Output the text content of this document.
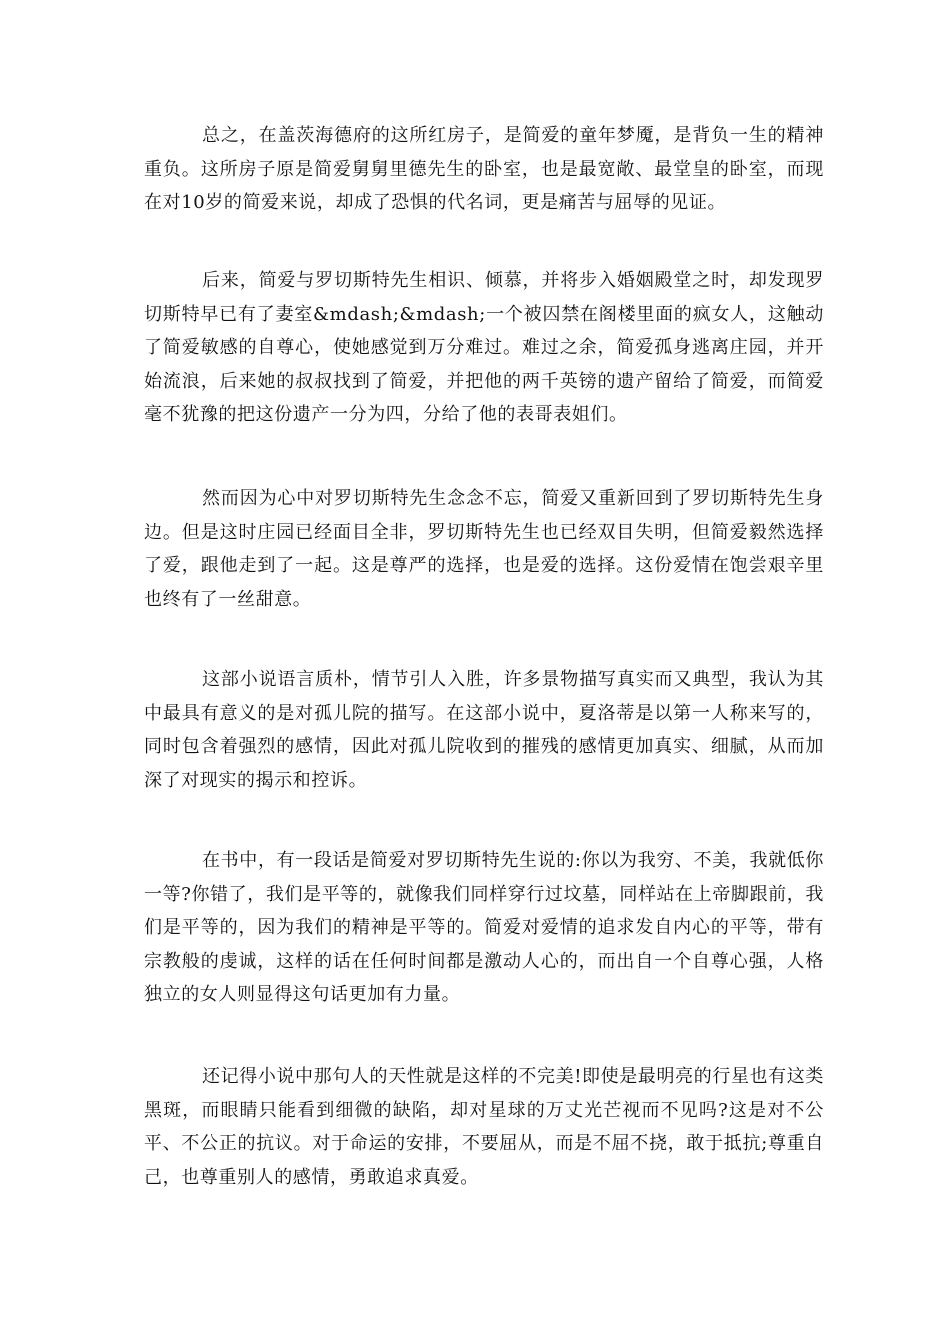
总之，在盖茨海德府的这所红房子，是简爱的童年梦魇，是背负一生的精神重负。这所房子原是简爱舅舅里德先生的卧室，也是最宽敞、最堂皇的卧室，而现在对10岁的简爱来说，却成了恐惧的代名词，更是痛苦与屈辱的见证。

后来，简爱与罗切斯特先生相识、倾慕，并将步入婚姻殿堂之时，却发现罗切斯特早已有了妻室&mdash;&mdash;一个被囚禁在阁楼里面的疯女人，这触动了简爱敏感的自尊心，使她感觉到万分难过。难过之余，简爱孤身逃离庄园，并开始流浪，后来她的叔叔找到了简爱，并把他的两千英镑的遗产留给了简爱，而简爱毫不犹豫的把这份遗产一分为四，分给了他的表哥表姐们。

然而因为心中对罗切斯特先生念念不忘，简爱又重新回到了罗切斯特先生身边。但是这时庄园已经面目全非，罗切斯特先生也已经双目失明，但简爱毅然选择了爱，跟他走到了一起。这是尊严的选择，也是爱的选择。这份爱情在饱尝艰辛里也终有了一丝甜意。

这部小说语言质朴，情节引人入胜，许多景物描写真实而又典型，我认为其中最具有意义的是对孤儿院的描写。在这部小说中，夏洛蒂是以第一人称来写的，同时包含着强烈的感情，因此对孤儿院收到的摧残的感情更加真实、细腻，从而加深了对现实的揭示和控诉。

在书中，有一段话是简爱对罗切斯特先生说的:你以为我穷、不美，我就低你一等?你错了，我们是平等的，就像我们同样穿行过坟墓，同样站在上帝脚跟前，我们是平等的，因为我们的精神是平等的。简爱对爱情的追求发自内心的平等，带有宗教般的虔诚，这样的话在任何时间都是激动人心的，而出自一个自尊心强，人格独立的女人则显得这句话更加有力量。

还记得小说中那句人的天性就是这样的不完美!即使是最明亮的行星也有这类黑斑，而眼睛只能看到细微的缺陷，却对星球的万丈光芒视而不见吗?这是对不公平、不公正的抗议。对于命运的安排，不要屈从，而是不屈不挠，敢于抵抗;尊重自己，也尊重别人的感情，勇敢追求真爱。
